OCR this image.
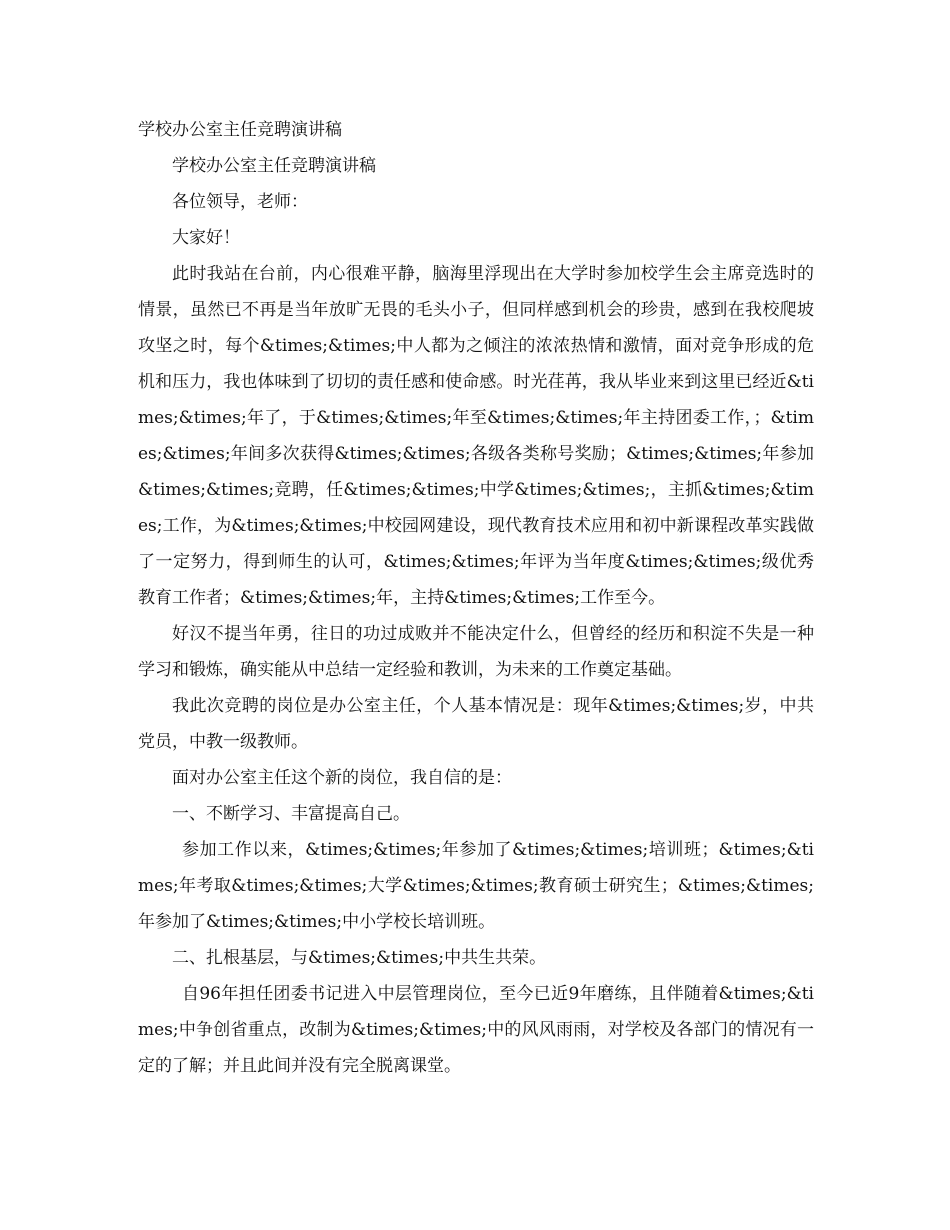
学校办公室主任竞聘演讲稿

学校办公室主任竞聘演讲稿

各位领导，老师：

大家好！

此时我站在台前，内心很难平静，脑海里浮现出在大学时参加校学生会主席竞选时的情景，虽然已不再是当年放旷无畏的毛头小子，但同样感到机会的珍贵，感到在我校爬坡攻坚之时，每个&times;&times;中人都为之倾注的浓浓热情和激情，面对竞争形成的危机和压力，我也体味到了切切的责任感和使命感。时光荏苒，我从毕业来到这里已经近&times;&times;年了，于&times;&times;年至&times;&times;年主持团委工作，；&times;&times;年间多次获得&times;&times;各级各类称号奖励；&times;&times;年参加&times;&times;竞聘，任&times;&times;中学&times;&times;，主抓&times;&times;工作，为&times;&times;中校园网建设，现代教育技术应用和初中新课程改革实践做了一定努力，得到师生的认可，&times;&times;年评为当年度&times;&times;级优秀教育工作者；&times;&times;年，主持&times;&times;工作至今。

好汉不提当年勇，往日的功过成败并不能决定什么，但曾经的经历和积淀不失是一种学习和锻炼，确实能从中总结一定经验和教训，为未来的工作奠定基础。

我此次竞聘的岗位是办公室主任，个人基本情况是：现年&times;&times;岁，中共党员，中教一级教师。

面对办公室主任这个新的岗位，我自信的是：

一、不断学习、丰富提高自己。

参加工作以来，&times;&times;年参加了&times;&times;培训班；&times;&times;年考取&times;&times;大学&times;&times;教育硕士研究生；&times;&times;年参加了&times;&times;中小学校长培训班。

二、扎根基层，与&times;&times;中共生共荣。

自96年担任团委书记进入中层管理岗位，至今已近9年磨练，且伴随着&times;&times;中争创省重点，改制为&times;&times;中的风风雨雨，对学校及各部门的情况有一定的了解；并且此间并没有完全脱离课堂。
